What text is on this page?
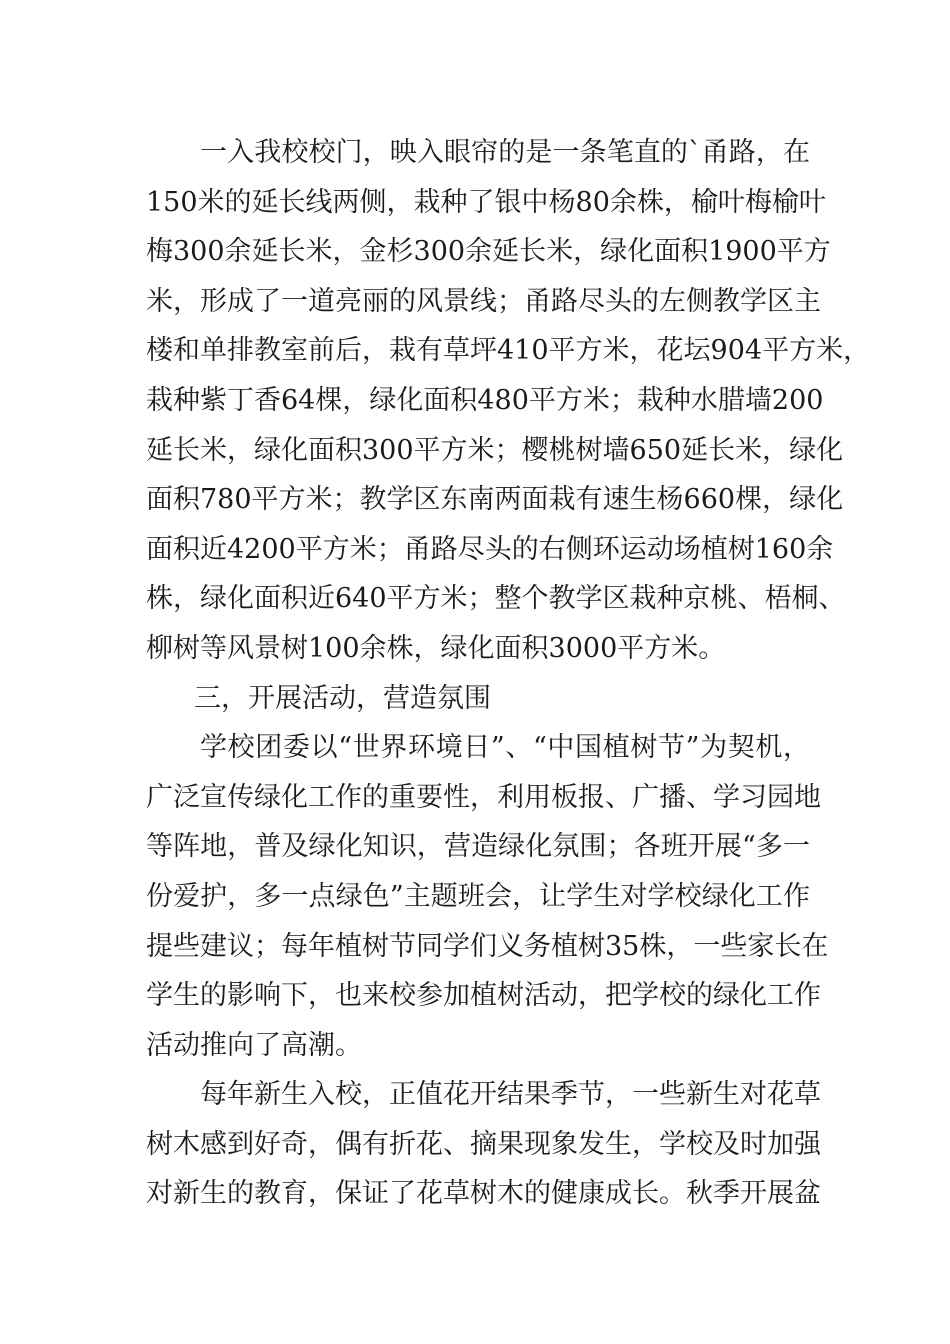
一入我校校门，映入眼帘的是一条笔直的`甬路，在
150米的延长线两侧，栽种了银中杨80余株，榆叶梅榆叶
梅300余延长米，金杉300余延长米，绿化面积1900平方
米，形成了一道亮丽的风景线；甬路尽头的左侧教学区主
楼和单排教室前后，栽有草坪410平方米，花坛904平方米，
栽种紫丁香64棵，绿化面积480平方米；栽种水腊墙200
延长米，绿化面积300平方米；樱桃树墙650延长米，绿化
面积780平方米；教学区东南两面栽有速生杨660棵，绿化
面积近4200平方米；甬路尽头的右侧环运动场植树160余
株，绿化面积近640平方米；整个教学区栽种京桃、梧桐、
柳树等风景树100余株，绿化面积3000平方米。
三，开展活动，营造氛围
学校团委以“世界环境日”、“中国植树节”为契机，
广泛宣传绿化工作的重要性，利用板报、广播、学习园地
等阵地，普及绿化知识，营造绿化氛围；各班开展“多一
份爱护，多一点绿色”主题班会，让学生对学校绿化工作
提些建议；每年植树节同学们义务植树35株，一些家长在
学生的影响下，也来校参加植树活动，把学校的绿化工作
活动推向了高潮。
每年新生入校，正值花开结果季节，一些新生对花草
树木感到好奇，偶有折花、摘果现象发生，学校及时加强
对新生的教育，保证了花草树木的健康成长。秋季开展盆
